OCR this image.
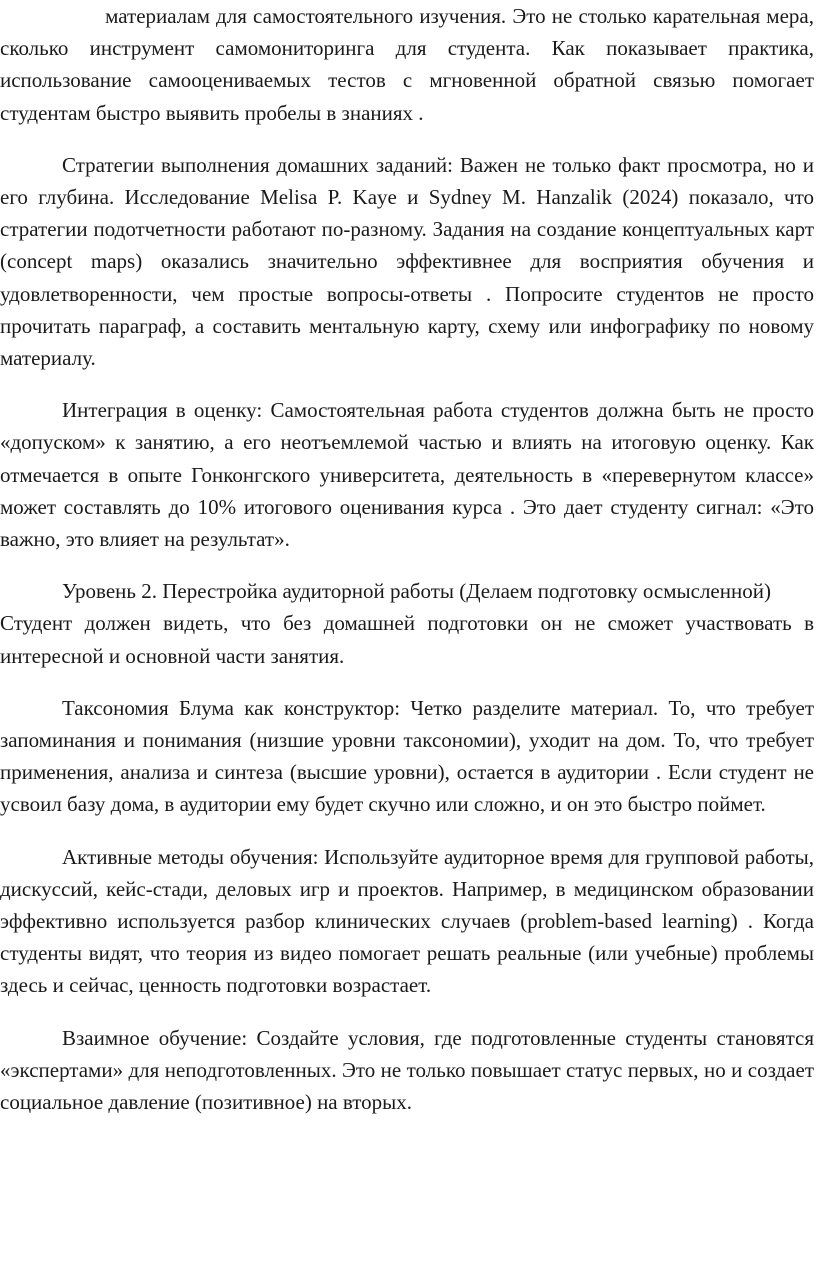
материалам для самостоятельного изучения. Это не столько карательная мера, сколько инструмент самомониторинга для студента. Как показывает практика, использование самооцениваемых тестов с мгновенной обратной связью помогает студентам быстро выявить пробелы в знаниях .

Стратегии выполнения домашних заданий: Важен не только факт просмотра, но и его глубина. Исследование Melisa P. Kaye и Sydney M. Hanzalik (2024) показало, что стратегии подотчетности работают по-разному. Задания на создание концептуальных карт (concept maps) оказались значительно эффективнее для восприятия обучения и удовлетворенности, чем простые вопросы-ответы . Попросите студентов не просто прочитать параграф, а составить ментальную карту, схему или инфографику по новому материалу.

Интеграция в оценку: Самостоятельная работа студентов должна быть не просто «допуском» к занятию, а его неотъемлемой частью и влиять на итоговую оценку. Как отмечается в опыте Гонконгского университета, деятельность в «перевернутом классе» может составлять до 10% итогового оценивания курса . Это дает студенту сигнал: «Это важно, это влияет на результат».

Уровень 2. Перестройка аудиторной работы (Делаем подготовку осмысленной)

Студент должен видеть, что без домашней подготовки он не сможет участвовать в интересной и основной части занятия.

Таксономия Блума как конструктор: Четко разделите материал. То, что требует запоминания и понимания (низшие уровни таксономии), уходит на дом. То, что требует применения, анализа и синтеза (высшие уровни), остается в аудитории . Если студент не усвоил базу дома, в аудитории ему будет скучно или сложно, и он это быстро поймет.

Активные методы обучения: Используйте аудиторное время для групповой работы, дискуссий, кейс-стади, деловых игр и проектов. Например, в медицинском образовании эффективно используется разбор клинических случаев (problem-based learning) . Когда студенты видят, что теория из видео помогает решать реальные (или учебные) проблемы здесь и сейчас, ценность подготовки возрастает.

Взаимное обучение: Создайте условия, где подготовленные студенты становятся «экспертами» для неподготовленных. Это не только повышает статус первых, но и создает социальное давление (позитивное) на вторых.
